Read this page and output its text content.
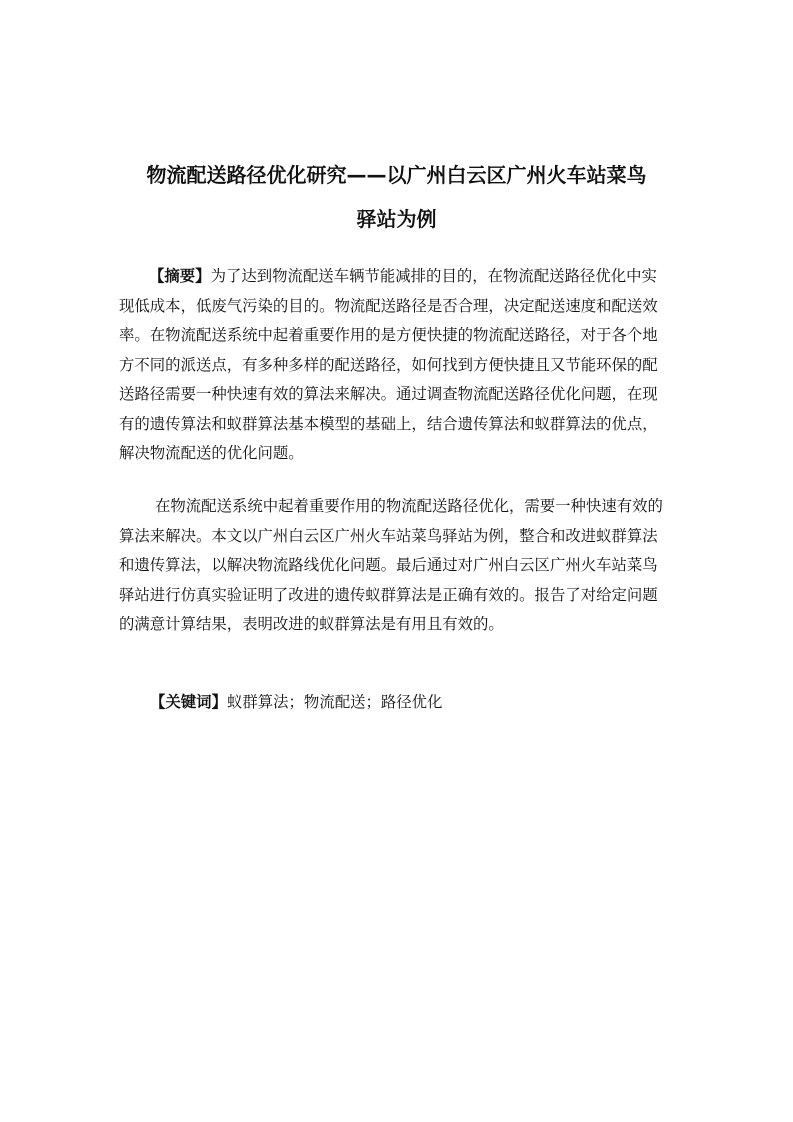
物流配送路径优化研究——以广州白云区广州火车站菜鸟
驿站为例
【摘要】为了达到物流配送车辆节能减排的目的，在物流配送路径优化中实
现低成本，低废气污染的目的。物流配送路径是否合理，决定配送速度和配送效
率。在物流配送系统中起着重要作用的是方便快捷的物流配送路径，对于各个地
方不同的派送点，有多种多样的配送路径，如何找到方便快捷且又节能环保的配
送路径需要一种快速有效的算法来解决。通过调查物流配送路径优化问题，在现
有的遗传算法和蚁群算法基本模型的基础上，结合遗传算法和蚁群算法的优点，
解决物流配送的优化问题。
在物流配送系统中起着重要作用的物流配送路径优化，需要一种快速有效的
算法来解决。本文以广州白云区广州火车站菜鸟驿站为例，整合和改进蚁群算法
和遗传算法，以解决物流路线优化问题。最后通过对广州白云区广州火车站菜鸟
驿站进行仿真实验证明了改进的遗传蚁群算法是正确有效的。报告了对给定问题
的满意计算结果，表明改进的蚁群算法是有用且有效的。
【关键词】蚁群算法；物流配送；路径优化
